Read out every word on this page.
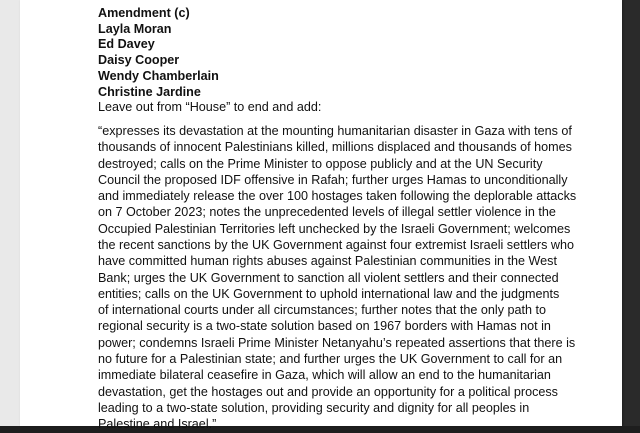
Amendment (c)
Layla Moran
Ed Davey
Daisy Cooper
Wendy Chamberlain
Christine Jardine
Leave out from “House” to end and add:
“expresses its devastation at the mounting humanitarian disaster in Gaza with tens of
thousands of innocent Palestinians killed, millions displaced and thousands of homes
destroyed; calls on the Prime Minister to oppose publicly and at the UN Security
Council the proposed IDF offensive in Rafah; further urges Hamas to unconditionally
and immediately release the over 100 hostages taken following the deplorable attacks
on 7 October 2023; notes the unprecedented levels of illegal settler violence in the
Occupied Palestinian Territories left unchecked by the Israeli Government; welcomes
the recent sanctions by the UK Government against four extremist Israeli settlers who
have committed human rights abuses against Palestinian communities in the West
Bank; urges the UK Government to sanction all violent settlers and their connected
entities; calls on the UK Government to uphold international law and the judgments
of international courts under all circumstances; further notes that the only path to
regional security is a two-state solution based on 1967 borders with Hamas not in
power; condemns Israeli Prime Minister Netanyahu’s repeated assertions that there is
no future for a Palestinian state; and further urges the UK Government to call for an
immediate bilateral ceasefire in Gaza, which will allow an end to the humanitarian
devastation, get the hostages out and provide an opportunity for a political process
leading to a two-state solution, providing security and dignity for all peoples in
Palestine and Israel.”
